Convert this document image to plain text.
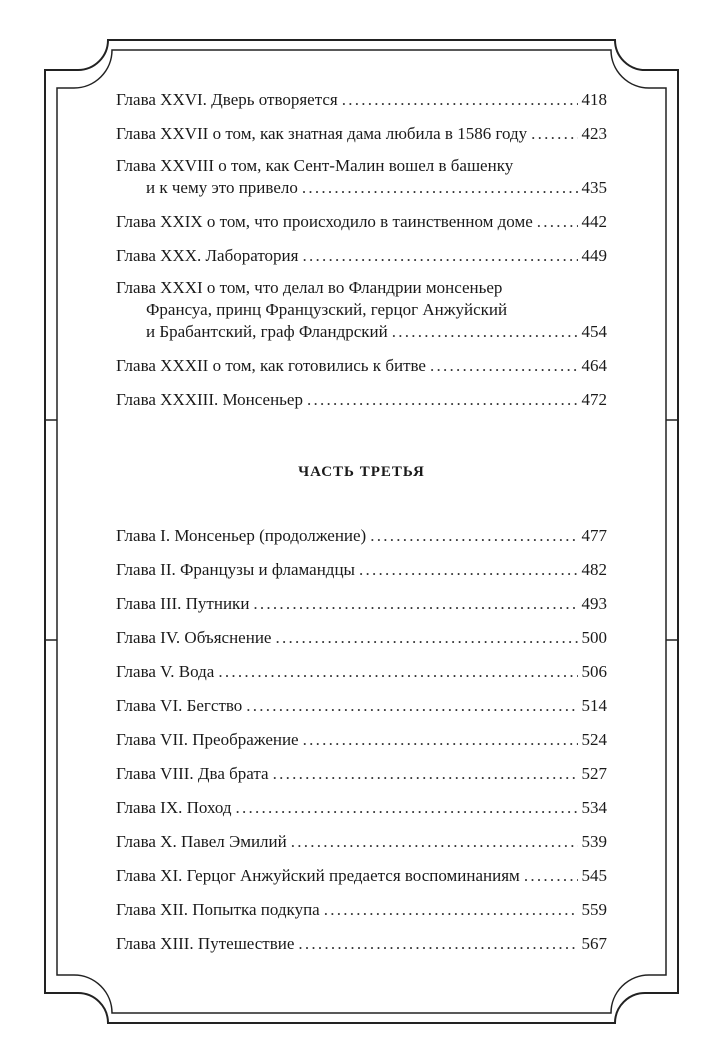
Глава XXVI. Дверь отворяется . . .	418
Глава XXVII о том, как знатная дама любила в 1586 году . . .	423
Глава XXVIII о том, как Сент-Малин вошел в башенку
и к чему это привело . . .	435
Глава XXIX о том, что происходило в таинственном доме . . .	442
Глава XXX. Лаборатория . . .	449
Глава XXXI о том, что делал во Фландрии монсеньер
Франсуа, принц Французский, герцог Анжуйский
и Брабантский, граф Фландрский . . .	454
Глава XXXII о том, как готовились к битве . . .	464
Глава XXXIII. Монсеньер . . .	472
ЧАСТЬ ТРЕТЬЯ
Глава I. Монсеньер (продолжение) . . .	477
Глава II. Французы и фламандцы . . .	482
Глава III. Путники . . .	493
Глава IV. Объяснение . . .	500
Глава V. Вода . . .	506
Глава VI. Бегство . . .	514
Глава VII. Преображение . . .	524
Глава VIII. Два брата . . .	527
Глава IX. Поход . . .	534
Глава X. Павел Эмилий . . .	539
Глава XI. Герцог Анжуйский предается воспоминаниям . . .	545
Глава XII. Попытка подкупа . . .	559
Глава XIII. Путешествие . . .	567
